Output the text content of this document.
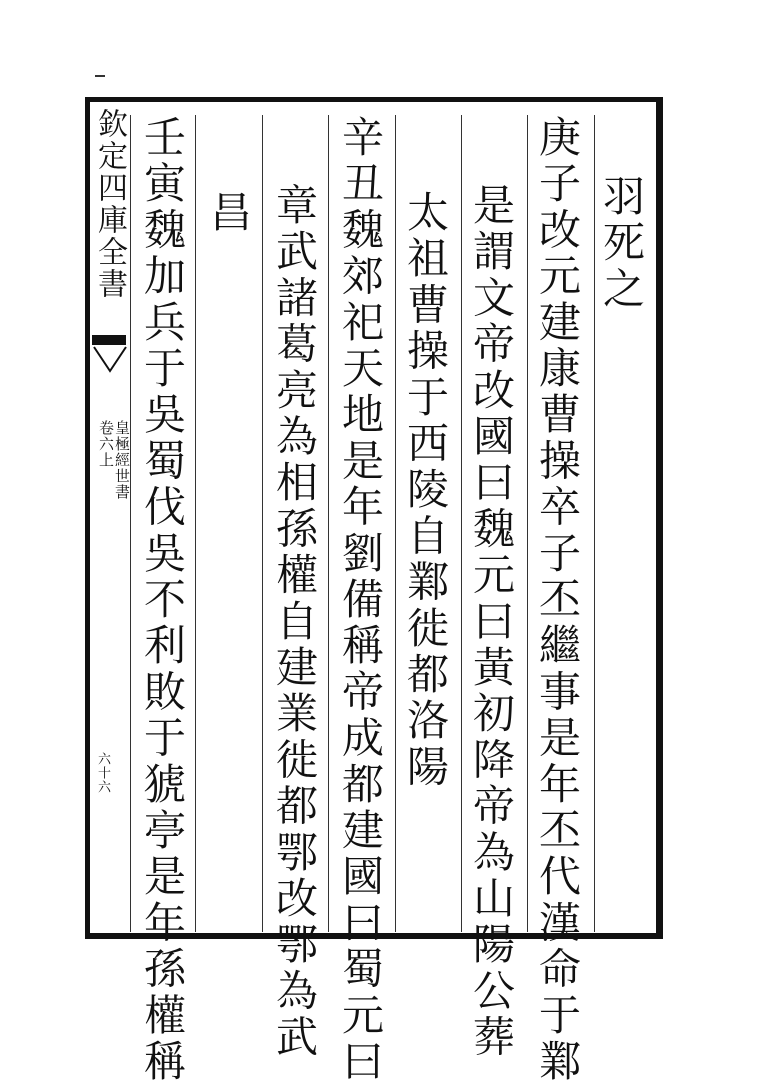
欽定四庫全書
卷六上
皇極經世書
六十六
羽死之
庚子改元建康曹操卒子丕繼事是年丕代漢命于鄴
是謂文帝改國曰魏元曰黃初降帝為山陽公葬
太祖曹操于西陵自鄴徙都洛陽
辛丑魏郊祀天地是年劉備稱帝成都建國曰蜀元曰
章武諸葛亮為相孫權自建業徙都鄂改鄂為武
昌
壬寅魏加兵于吳蜀伐吳不利敗于猇亭是年孫權稱
